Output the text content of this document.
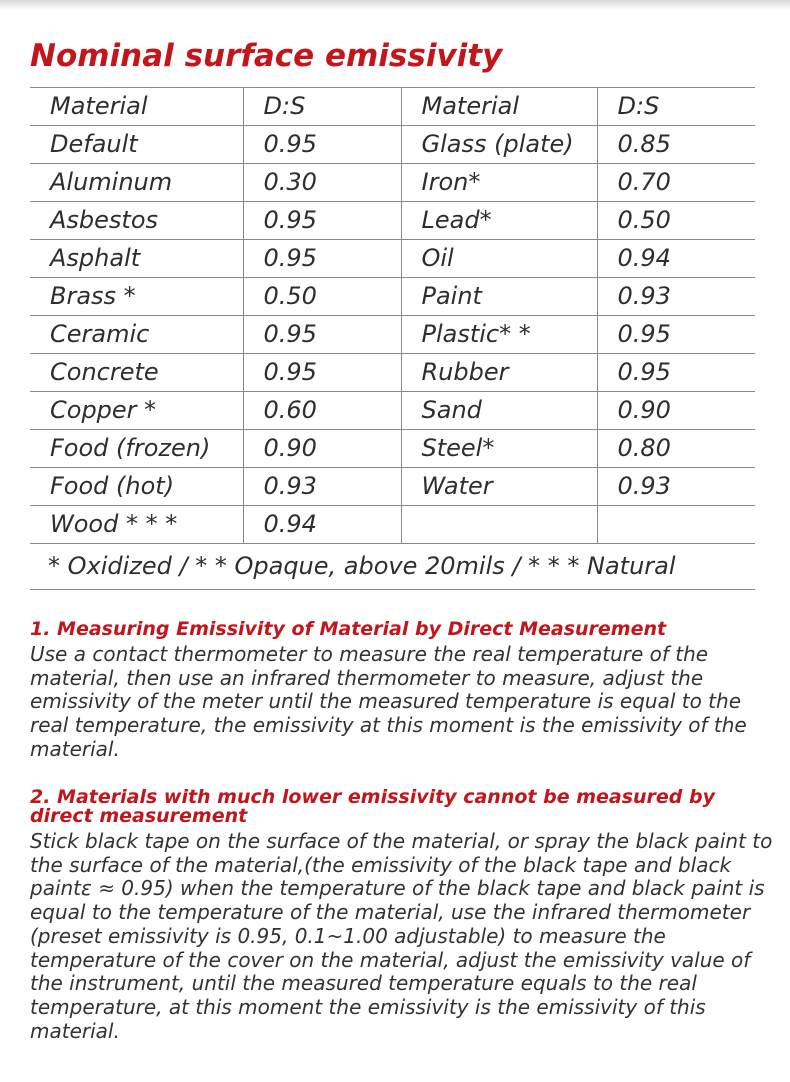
Nominal surface emissivity
Material	D:S	Material	D:S
Default	0.95	Glass (plate)	0.85
Aluminum	0.30	Iron*	0.70
Asbestos	0.95	Lead*	0.50
Asphalt	0.95	Oil	0.94
Brass *	0.50	Paint	0.93
Ceramic	0.95	Plastic* *	0.95
Concrete	0.95	Rubber	0.95
Copper *	0.60	Sand	0.90
Food (frozen)	0.90	Steel*	0.80
Food (hot)	0.93	Water	0.93
Wood * * *	0.94		
* Oxidized / * * Opaque, above 20mils / * * * Natural			
1. Measuring Emissivity of Material by Direct Measurement

Use a contact thermometer to measure the real temperature of the material, then use an infrared thermometer to measure, adjust the emissivity of the meter until the measured temperature is equal to the real temperature, the emissivity at this moment is the emissivity of the material.

2. Materials with much lower emissivity cannot be measured by direct measurement

Stick black tape on the surface of the material, or spray the black paint to the surface of the material,(the emissivity of the black tape and black paintε ≈ 0.95) when the temperature of the black tape and black paint is equal to the temperature of the material, use the infrared thermometer (preset emissivity is 0.95, 0.1~1.00 adjustable) to measure the temperature of the cover on the material, adjust the emissivity value of the instrument, until the measured temperature equals to the real temperature, at this moment the emissivity is the emissivity of this material.
